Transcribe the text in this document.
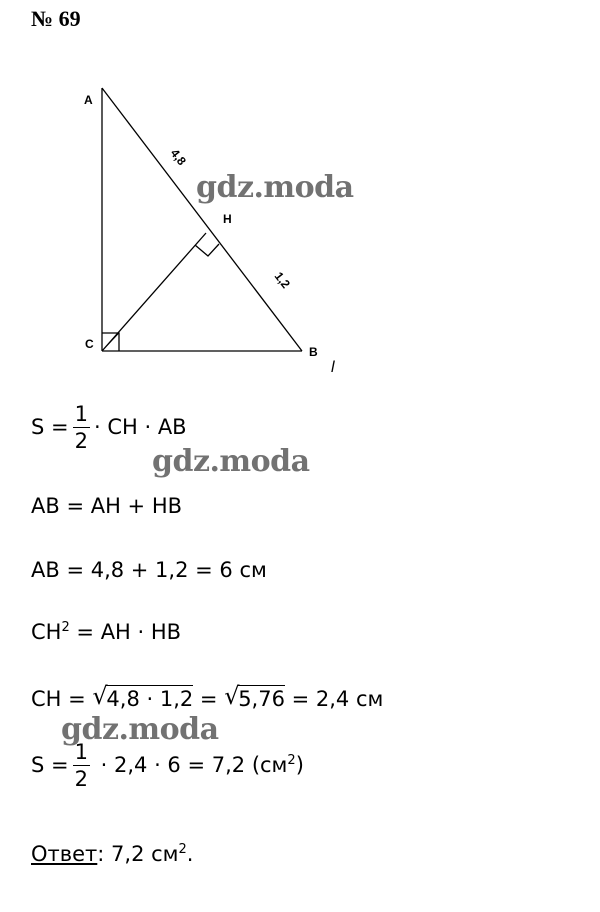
№ 69
A
C
B
H
4,8
1,2
l
gdz.moda
gdz.moda
gdz.moda
$S = \frac{1}{2}$ · CH · AB
AB = AH + HB
AB = 4,8 + 1,2 = 6 см
$CH^2$ = AH · HB
CH = √
4,8 · 1,2 = √
5,76 = 2,4 см
$S = \frac{1}{2} \cdot 2,4 \cdot 6 = 7,2$ $(см^2)$
Ответ: 7,2 $см^2$.
